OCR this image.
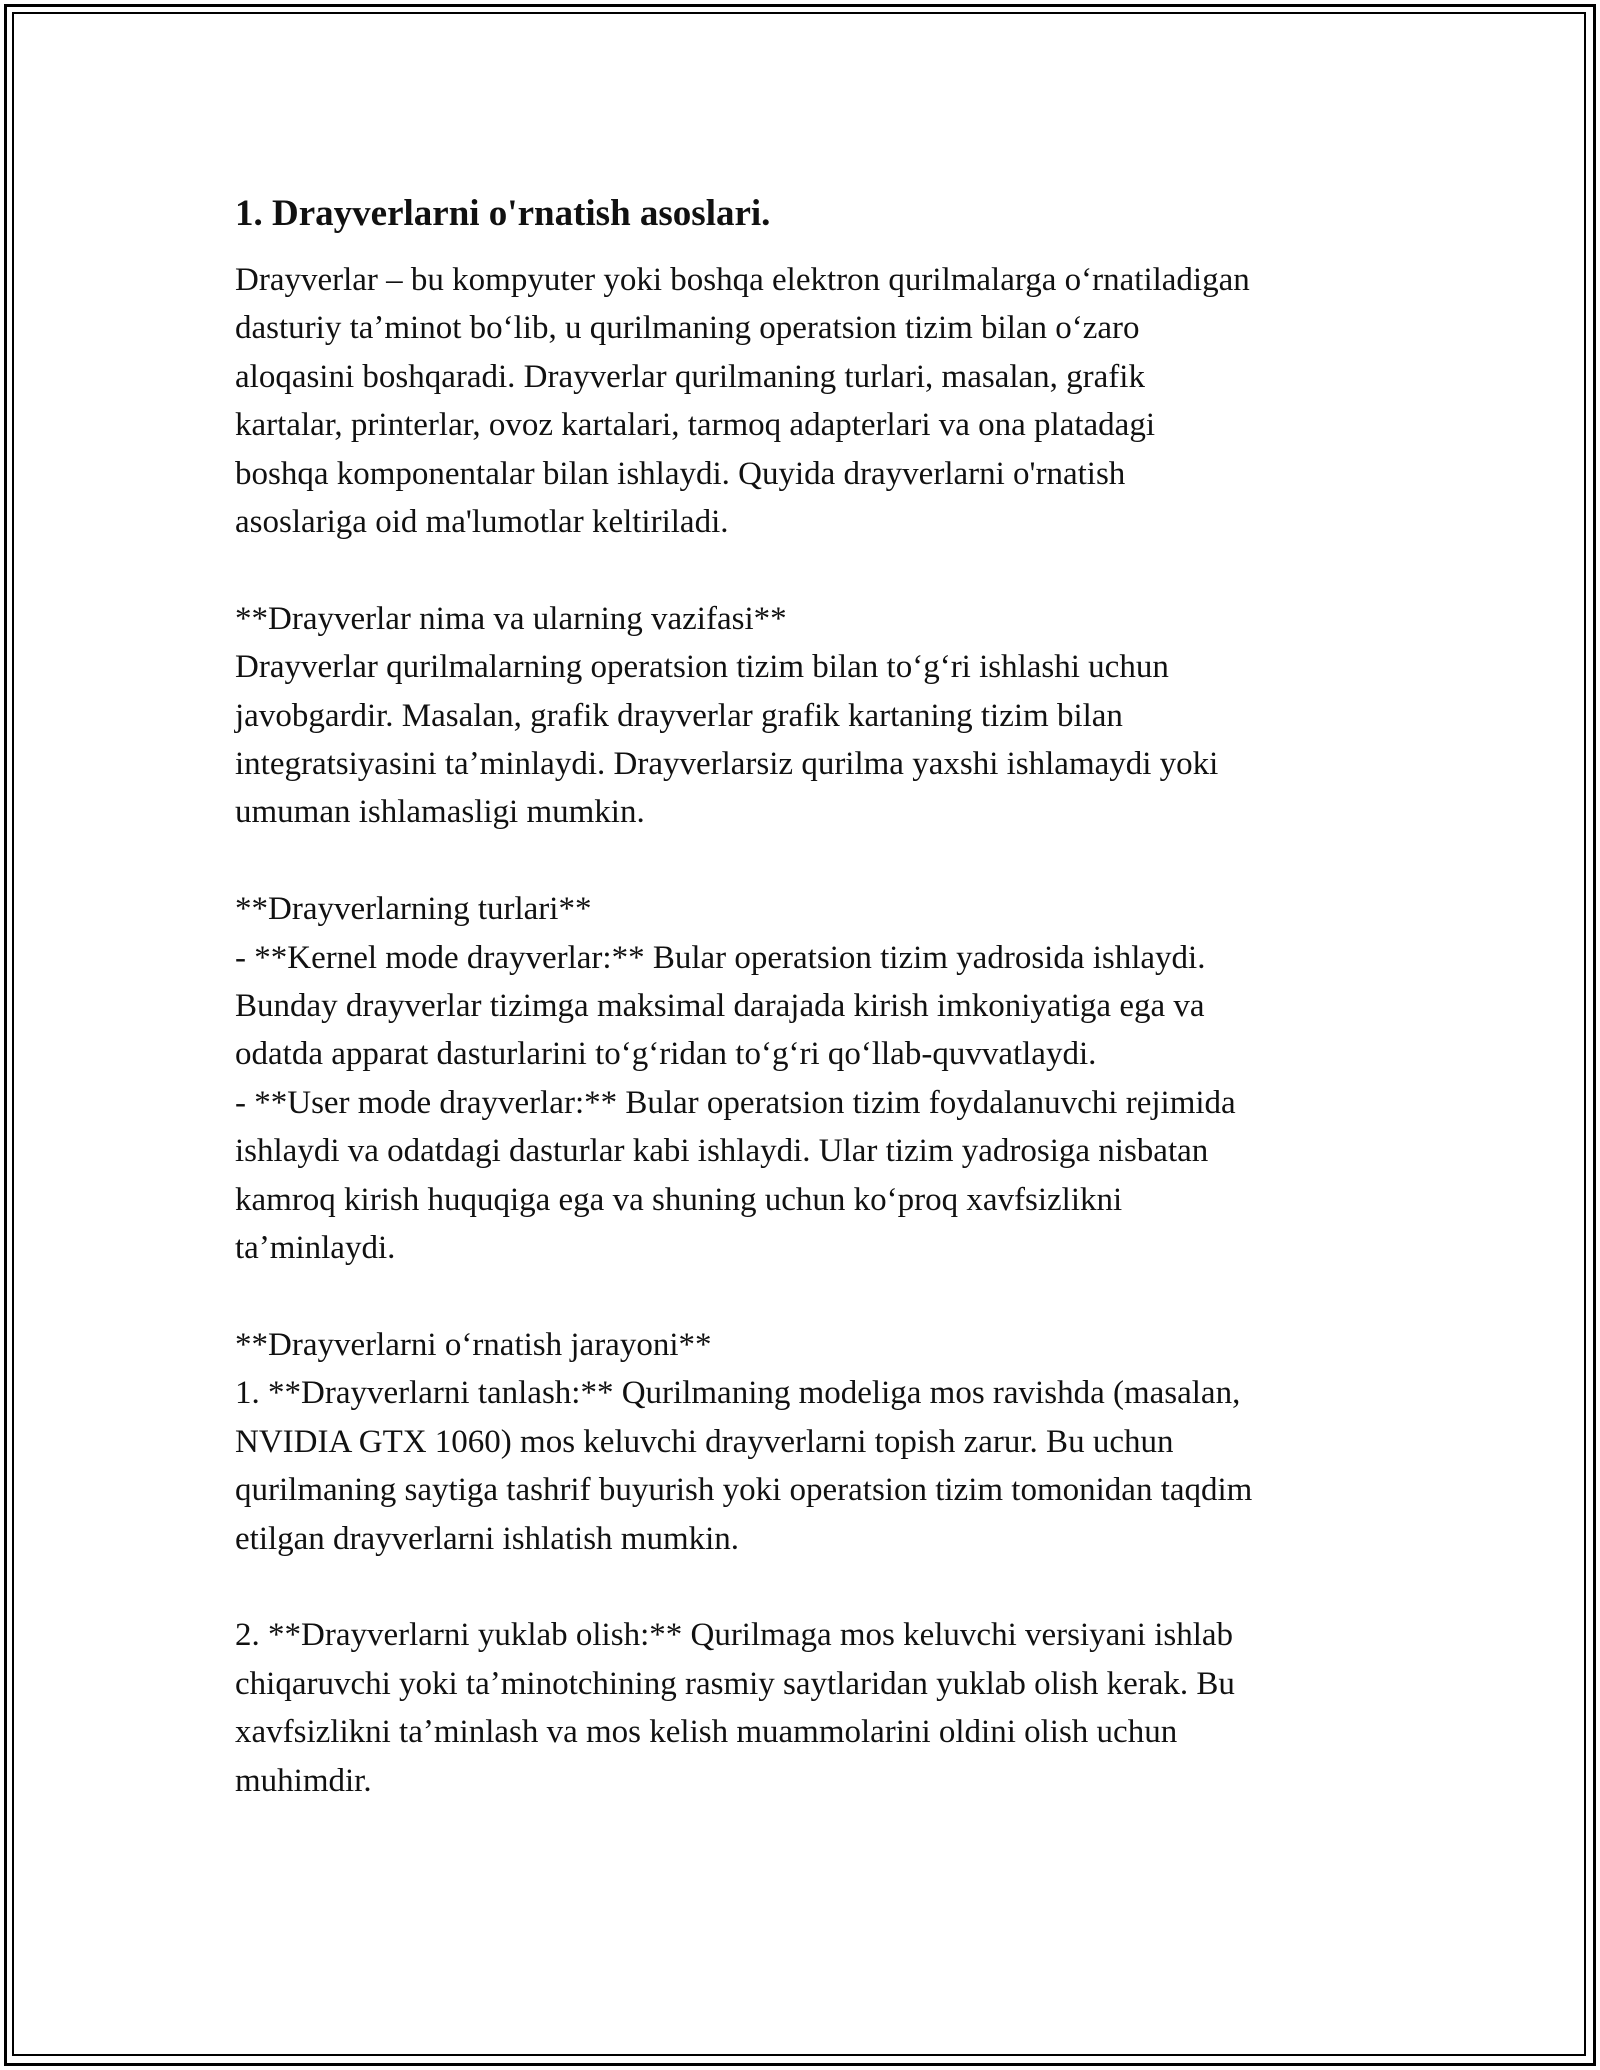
1. Drayverlarni o'rnatish asoslari.

Drayverlar – bu kompyuter yoki boshqa elektron qurilmalarga oʻrnatiladigan
dasturiy taʼminot boʻlib, u qurilmaning operatsion tizim bilan oʻzaro
aloqasini boshqaradi. Drayverlar qurilmaning turlari, masalan, grafik
kartalar, printerlar, ovoz kartalari, tarmoq adapterlari va ona platadagi
boshqa komponentalar bilan ishlaydi. Quyida drayverlarni o'rnatish
asoslariga oid ma'lumotlar keltiriladi.

**Drayverlar nima va ularning vazifasi**
Drayverlar qurilmalarning operatsion tizim bilan toʻgʻri ishlashi uchun
javobgardir. Masalan, grafik drayverlar grafik kartaning tizim bilan
integratsiyasini taʼminlaydi. Drayverlarsiz qurilma yaxshi ishlamaydi yoki
umuman ishlamasligi mumkin.

**Drayverlarning turlari**
- **Kernel mode drayverlar:** Bular operatsion tizim yadrosida ishlaydi.
Bunday drayverlar tizimga maksimal darajada kirish imkoniyatiga ega va
odatda apparat dasturlarini toʻgʻridan toʻgʻri qoʻllab-quvvatlaydi.
- **User mode drayverlar:** Bular operatsion tizim foydalanuvchi rejimida
ishlaydi va odatdagi dasturlar kabi ishlaydi. Ular tizim yadrosiga nisbatan
kamroq kirish huquqiga ega va shuning uchun koʻproq xavfsizlikni
taʼminlaydi.

**Drayverlarni oʻrnatish jarayoni**
1. **Drayverlarni tanlash:** Qurilmaning modeliga mos ravishda (masalan,
NVIDIA GTX 1060) mos keluvchi drayverlarni topish zarur. Bu uchun
qurilmaning saytiga tashrif buyurish yoki operatsion tizim tomonidan taqdim
etilgan drayverlarni ishlatish mumkin.

2. **Drayverlarni yuklab olish:** Qurilmaga mos keluvchi versiyani ishlab
chiqaruvchi yoki taʼminotchining rasmiy saytlaridan yuklab olish kerak. Bu
xavfsizlikni taʼminlash va mos kelish muammolarini oldini olish uchun
muhimdir.
